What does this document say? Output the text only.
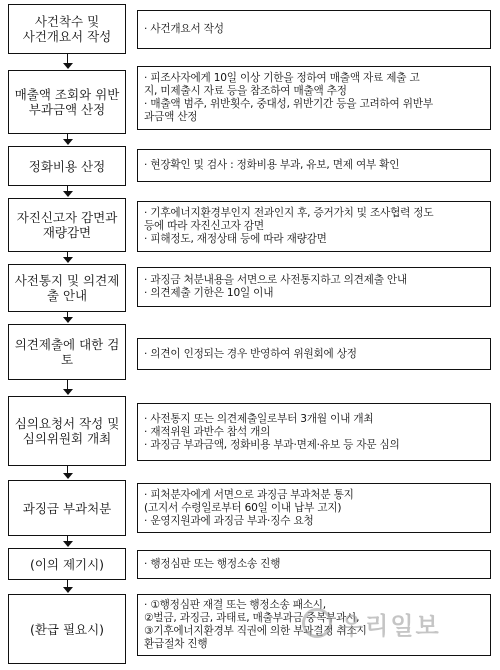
사건착수 및
사건개요서 작성	· 사건개요서 작성
매출액 조회와 위반
부과금액 산정
· 피조사자에게 10일 이상 기한을 정하여 매출액 자료 제출 고
지, 미제출시 자료 등을 참조하여 매출액 추정
· 매출액 범주, 위반횟수, 중대성, 위반기간 등을 고려하여 위반부
과금액 산정
정화비용 산정	· 현장확인 및 검사 : 정화비용 부과, 유보, 면제 여부 확인
자진신고자 감면과
재량감면
· 기후에너지환경부인지 전과인지 후, 증거가치 및 조사협력 정도
등에 따라 자진신고자 감면
· 피해정도, 재정상태 등에 따라 재량감면
사전통지 및 의견제
출 안내
· 과징금 처분내용을 서면으로 사전통지하고 의견제출 안내
· 의견제출 기한은 10일 이내
의견제출에 대한 검
토	· 의견이 인정되는 경우 반영하여 위원회에 상정
심의요청서 작성 및
심의위원회 개최
· 사전통지 또는 의견제출일로부터 3개월 이내 개최
· 재적위원 과반수 참석 개의
· 과징금 부과금액, 정화비용 부과·면제·유보 등 자문 심의
과징금 부과처분
· 피처분자에게 서면으로 과징금 부과처분 통지
(고지서 수령일로부터 60일 이내 납부 고지)
· 운영지원과에 과징금 부과·징수 요청
(이의 제기시)	· 행정심판 또는 행정소송 진행
(환급 필요시)
· ①행정심판 재결 또는 행정소송 패소시,
②벌금, 과징금, 과태료, 매출부과금 중복부과시,
③기후에너지환경부 직권에 의한 부과결정 취소시
환급절차 진행
우리일보
